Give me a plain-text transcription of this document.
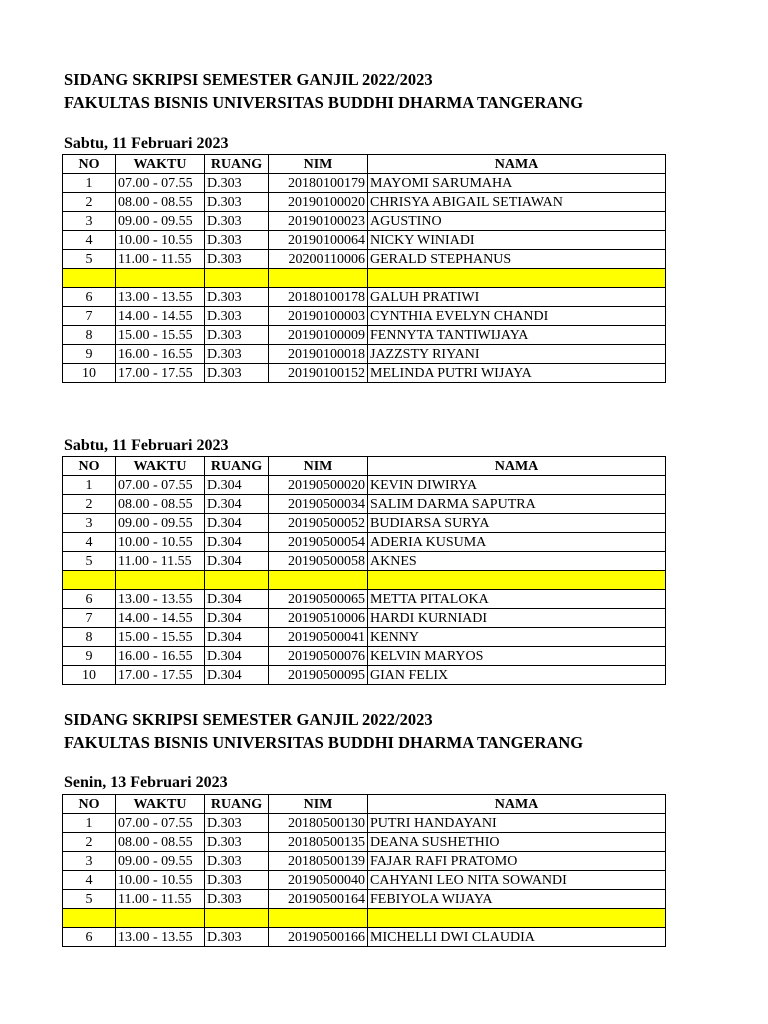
SIDANG SKRIPSI SEMESTER GANJIL 2022/2023
FAKULTAS BISNIS UNIVERSITAS BUDDHI DHARMA TANGERANG
Sabtu, 11 Februari 2023
NO	WAKTU	RUANG	NIM	NAMA
1	07.00 - 07.55	D.303	20180100179	MAYOMI SARUMAHA
2	08.00 - 08.55	D.303	20190100020	CHRISYA ABIGAIL SETIAWAN
3	09.00 - 09.55	D.303	20190100023	AGUSTINO
4	10.00 - 10.55	D.303	20190100064	NICKY WINIADI
5	11.00 - 11.55	D.303	20200110006	GERALD STEPHANUS

6	13.00 - 13.55	D.303	20180100178	GALUH PRATIWI
7	14.00 - 14.55	D.303	20190100003	CYNTHIA EVELYN CHANDI
8	15.00 - 15.55	D.303	20190100009	FENNYTA TANTIWIJAYA
9	16.00 - 16.55	D.303	20190100018	JAZZSTY RIYANI
10	17.00 - 17.55	D.303	20190100152	MELINDA PUTRI WIJAYA
Sabtu, 11 Februari 2023
NO	WAKTU	RUANG	NIM	NAMA
1	07.00 - 07.55	D.304	20190500020	KEVIN DIWIRYA
2	08.00 - 08.55	D.304	20190500034	SALIM DARMA SAPUTRA
3	09.00 - 09.55	D.304	20190500052	BUDIARSA SURYA
4	10.00 - 10.55	D.304	20190500054	ADERIA KUSUMA
5	11.00 - 11.55	D.304	20190500058	AKNES

6	13.00 - 13.55	D.304	20190500065	METTA PITALOKA
7	14.00 - 14.55	D.304	20190510006	HARDI KURNIADI
8	15.00 - 15.55	D.304	20190500041	KENNY
9	16.00 - 16.55	D.304	20190500076	KELVIN MARYOS
10	17.00 - 17.55	D.304	20190500095	GIAN FELIX
SIDANG SKRIPSI SEMESTER GANJIL 2022/2023
FAKULTAS BISNIS UNIVERSITAS BUDDHI DHARMA TANGERANG
Senin, 13 Februari 2023
NO	WAKTU	RUANG	NIM	NAMA
1	07.00 - 07.55	D.303	20180500130	PUTRI HANDAYANI
2	08.00 - 08.55	D.303	20180500135	DEANA SUSHETHIO
3	09.00 - 09.55	D.303	20180500139	FAJAR RAFI PRATOMO
4	10.00 - 10.55	D.303	20190500040	CAHYANI LEO NITA SOWANDI
5	11.00 - 11.55	D.303	20190500164	FEBIYOLA WIJAYA

6	13.00 - 13.55	D.303	20190500166	MICHELLI DWI CLAUDIA
